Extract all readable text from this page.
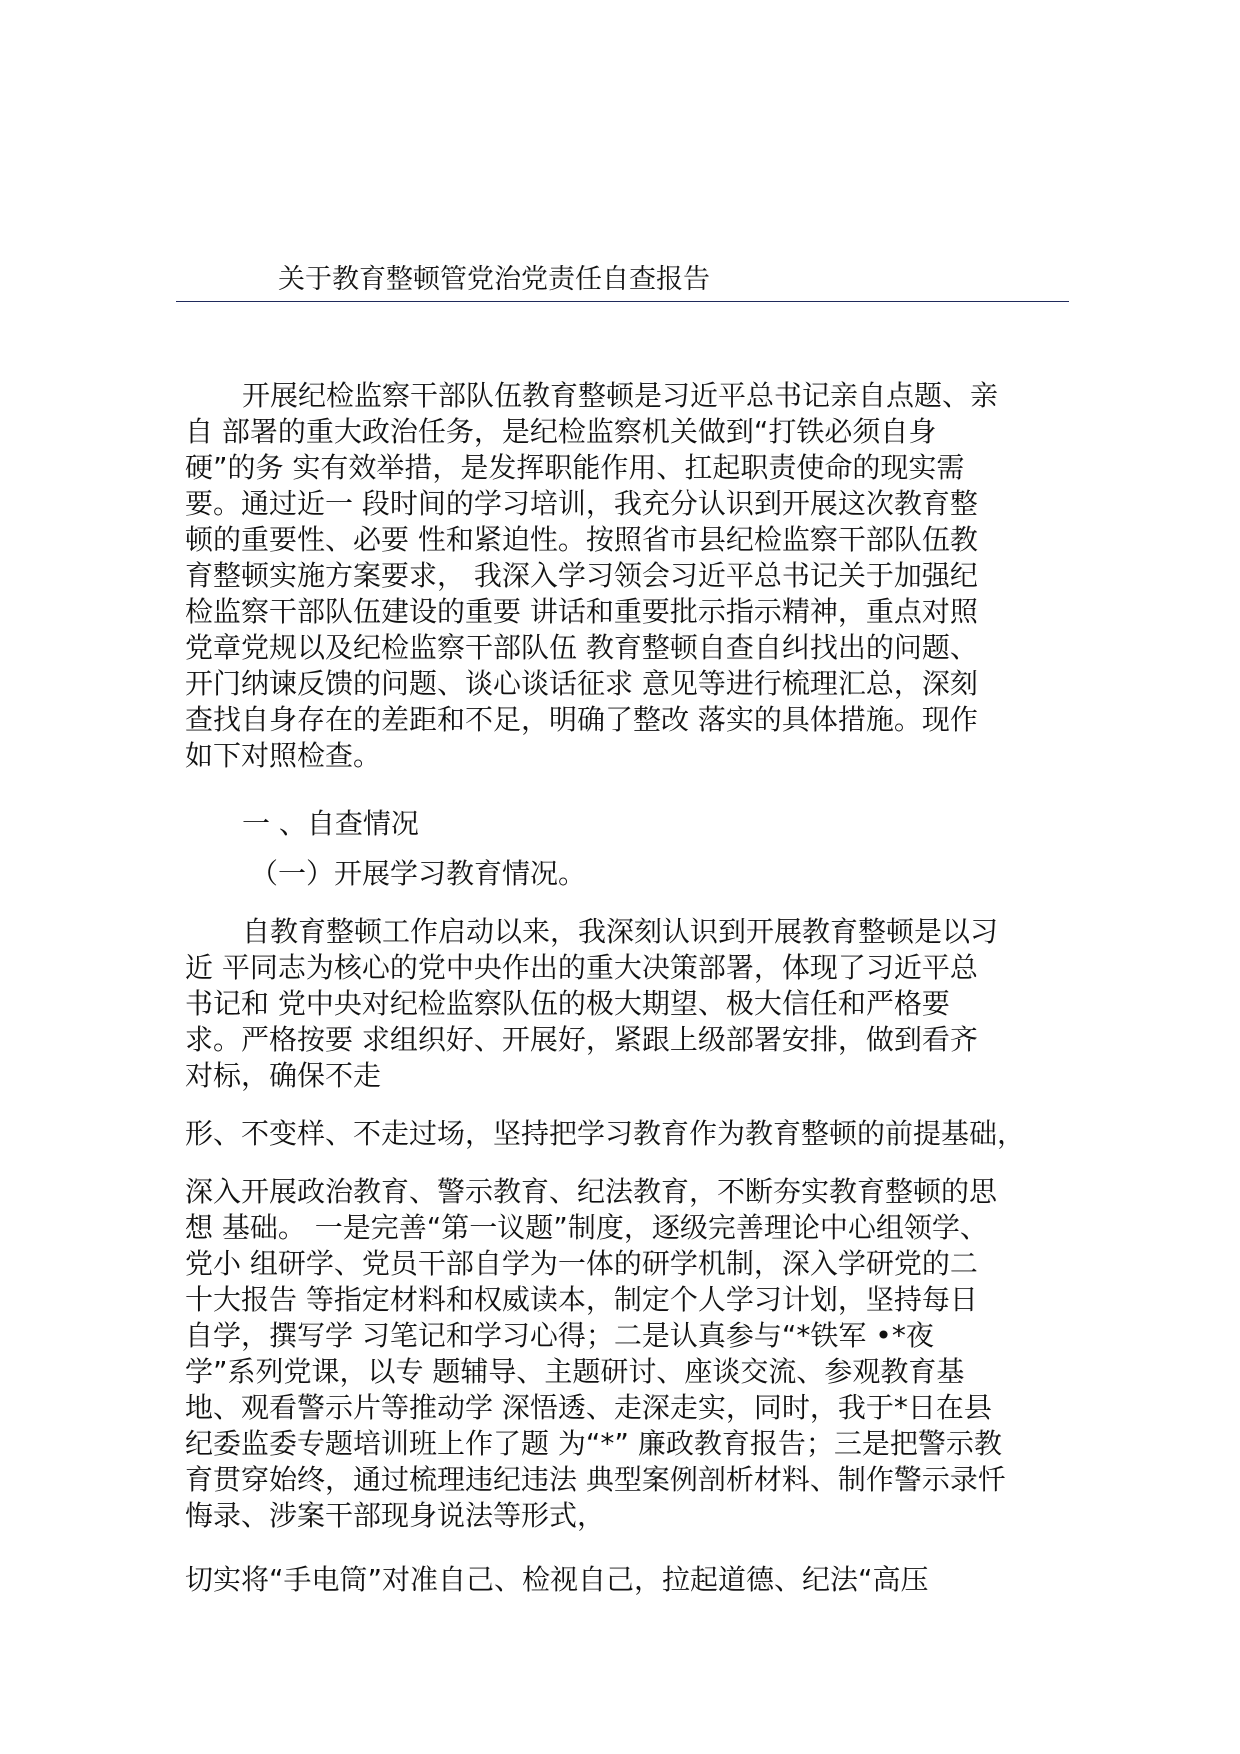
关于教育整顿管党治党责任自查报告
开展纪检监察干部队伍教育整顿是习近平总书记亲自点题、亲
自 部署的重大政治任务，是纪检监察机关做到“打铁必须自身
硬”的务 实有效举措，是发挥职能作用、扛起职责使命的现实需
要。通过近一 段时间的学习培训，我充分认识到开展这次教育整
顿的重要性、必要 性和紧迫性。按照省市县纪检监察干部队伍教
育整顿实施方案要求， 我深入学习领会习近平总书记关于加强纪
检监察干部队伍建设的重要 讲话和重要批示指示精神，重点对照
党章党规以及纪检监察干部队伍 教育整顿自查自纠找出的问题、
开门纳谏反馈的问题、谈心谈话征求 意见等进行梳理汇总，深刻
查找自身存在的差距和不足，明确了整改 落实的具体措施。现作
如下对照检查。
一 、自查情况
（一）开展学习教育情况。
自教育整顿工作启动以来，我深刻认识到开展教育整顿是以习
近 平同志为核心的党中央作出的重大决策部署，体现了习近平总
书记和 党中央对纪检监察队伍的极大期望、极大信任和严格要
求。严格按要 求组织好、开展好，紧跟上级部署安排，做到看齐
对标，确保不走
形、不变样、不走过场，坚持把学习教育作为教育整顿的前提基础，
深入开展政治教育、警示教育、纪法教育，不断夯实教育整顿的思
想 基础。 一是完善“第一议题”制度，逐级完善理论中心组领学、
党小 组研学、党员干部自学为一体的研学机制，深入学研党的二
十大报告 等指定材料和权威读本，制定个人学习计划，坚持每日
自学，撰写学 习笔记和学习心得；二是认真参与“*铁军 •*夜
学”系列党课，以专 题辅导、主题研讨、座谈交流、参观教育基
地、观看警示片等推动学 深悟透、走深走实，同时，我于*日在县
纪委监委专题培训班上作了题 为“*” 廉政教育报告；三是把警示教
育贯穿始终，通过梳理违纪违法 典型案例剖析材料、制作警示录忏
悔录、涉案干部现身说法等形式，
切实将“手电筒”对准自己、检视自己，拉起道德、纪法“高压
